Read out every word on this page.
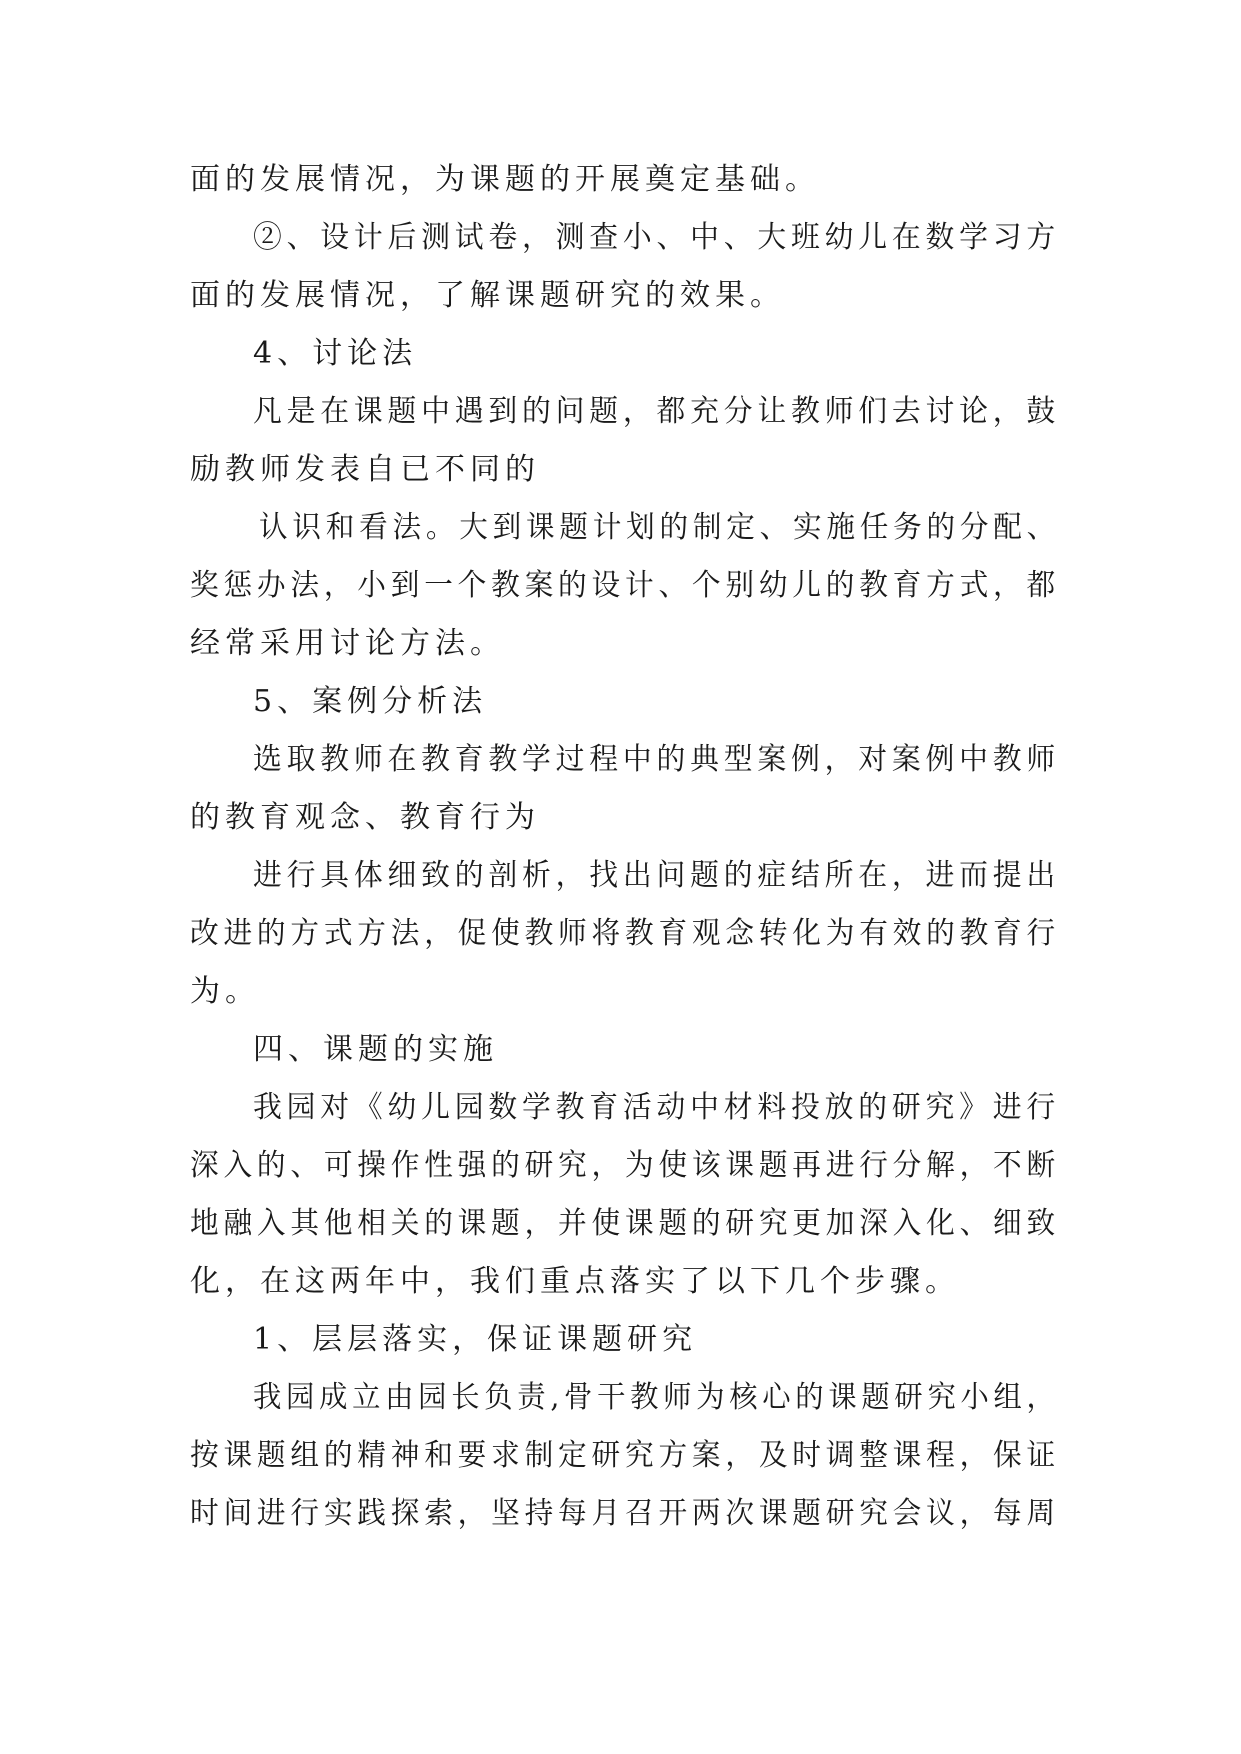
面的发展情况，为课题的开展奠定基础。
②、设计后测试卷，测查小、中、大班幼儿在数学习方
面的发展情况，了解课题研究的效果。
4、讨论法
凡是在课题中遇到的问题，都充分让教师们去讨论，鼓
励教师发表自已不同的
认识和看法。大到课题计划的制定、实施任务的分配、
奖惩办法，小到一个教案的设计、个别幼儿的教育方式，都
经常采用讨论方法。
5、案例分析法
选取教师在教育教学过程中的典型案例，对案例中教师
的教育观念、教育行为
进行具体细致的剖析，找出问题的症结所在，进而提出
改进的方式方法，促使教师将教育观念转化为有效的教育行
为。
四、课题的实施
我园对《幼儿园数学教育活动中材料投放的研究》进行
深入的、可操作性强的研究，为使该课题再进行分解，不断
地融入其他相关的课题，并使课题的研究更加深入化、细致
化，在这两年中，我们重点落实了以下几个步骤。
1、层层落实，保证课题研究
我园成立由园长负责,骨干教师为核心的课题研究小组，
按课题组的精神和要求制定研究方案，及时调整课程，保证
时间进行实践探索，坚持每月召开两次课题研究会议，每周
